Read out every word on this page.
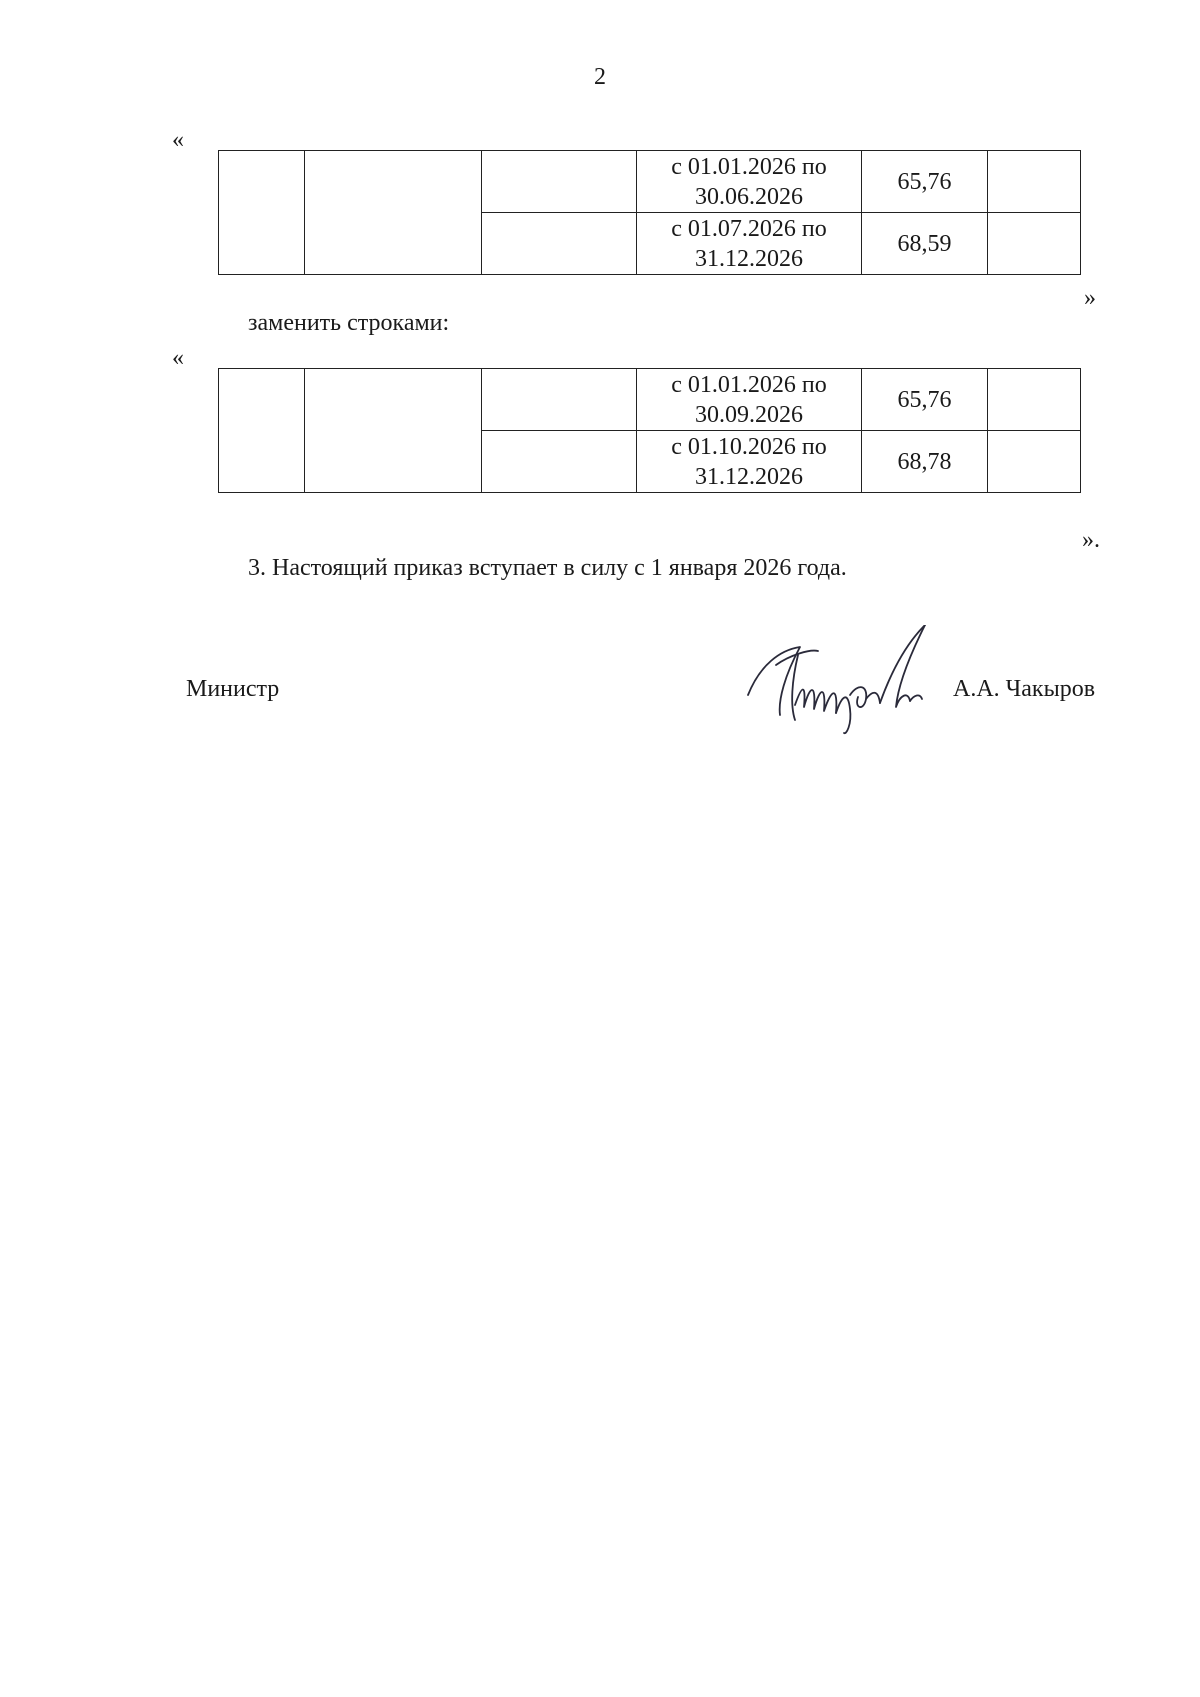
2
«
			с 01.01.2026 по 30.06.2026	65,76	
			с 01.07.2026 по 31.12.2026	68,59	
»
заменить строками:
«
			с 01.01.2026 по 30.09.2026	65,76	
			с 01.10.2026 по 31.12.2026	68,78	
».
3. Настоящий приказ вступает в силу с 1 января 2026 года.
Министр	А.А. Чакыров
